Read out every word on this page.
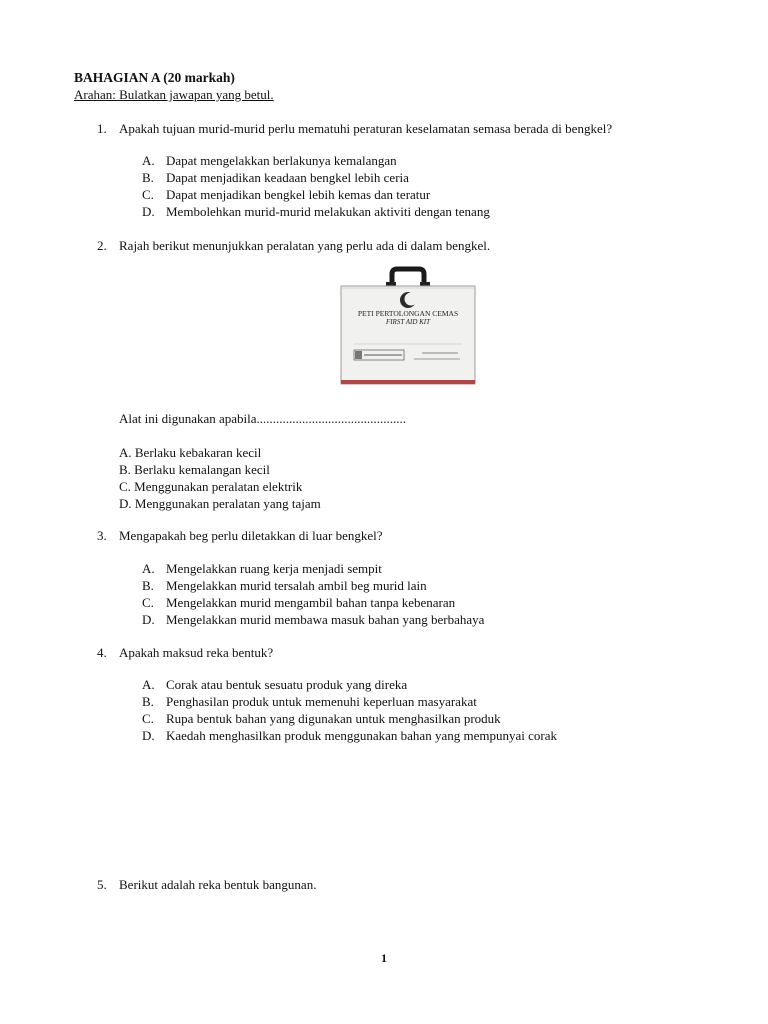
BAHAGIAN A (20 markah)
Arahan: Bulatkan jawapan yang betul.
1. Apakah tujuan murid-murid perlu mematuhi peraturan keselamatan semasa berada di bengkel?
A. Dapat mengelakkan berlakunya kemalangan
B. Dapat menjadikan keadaan bengkel lebih ceria
C. Dapat menjadikan bengkel lebih kemas dan teratur
D. Membolehkan murid-murid melakukan aktiviti dengan tenang
2. Rajah berikut menunjukkan peralatan yang perlu ada di dalam bengkel.
PETI PERTOLONGAN CEMAS
FIRST AID KIT
Alat ini digunakan apabila..............................................
A. Berlaku kebakaran kecil
B. Berlaku kemalangan kecil
C. Menggunakan peralatan elektrik
D. Menggunakan peralatan yang tajam
3. Mengapakah beg perlu diletakkan di luar bengkel?
A. Mengelakkan ruang kerja menjadi sempit
B. Mengelakkan murid tersalah ambil beg murid lain
C. Mengelakkan murid mengambil bahan tanpa kebenaran
D. Mengelakkan murid membawa masuk bahan yang berbahaya
4. Apakah maksud reka bentuk?
A. Corak atau bentuk sesuatu produk yang direka
B. Penghasilan produk untuk memenuhi keperluan masyarakat
C. Rupa bentuk bahan yang digunakan untuk menghasilkan produk
D. Kaedah menghasilkan produk menggunakan bahan yang mempunyai corak
5. Berikut adalah reka bentuk bangunan.
1
